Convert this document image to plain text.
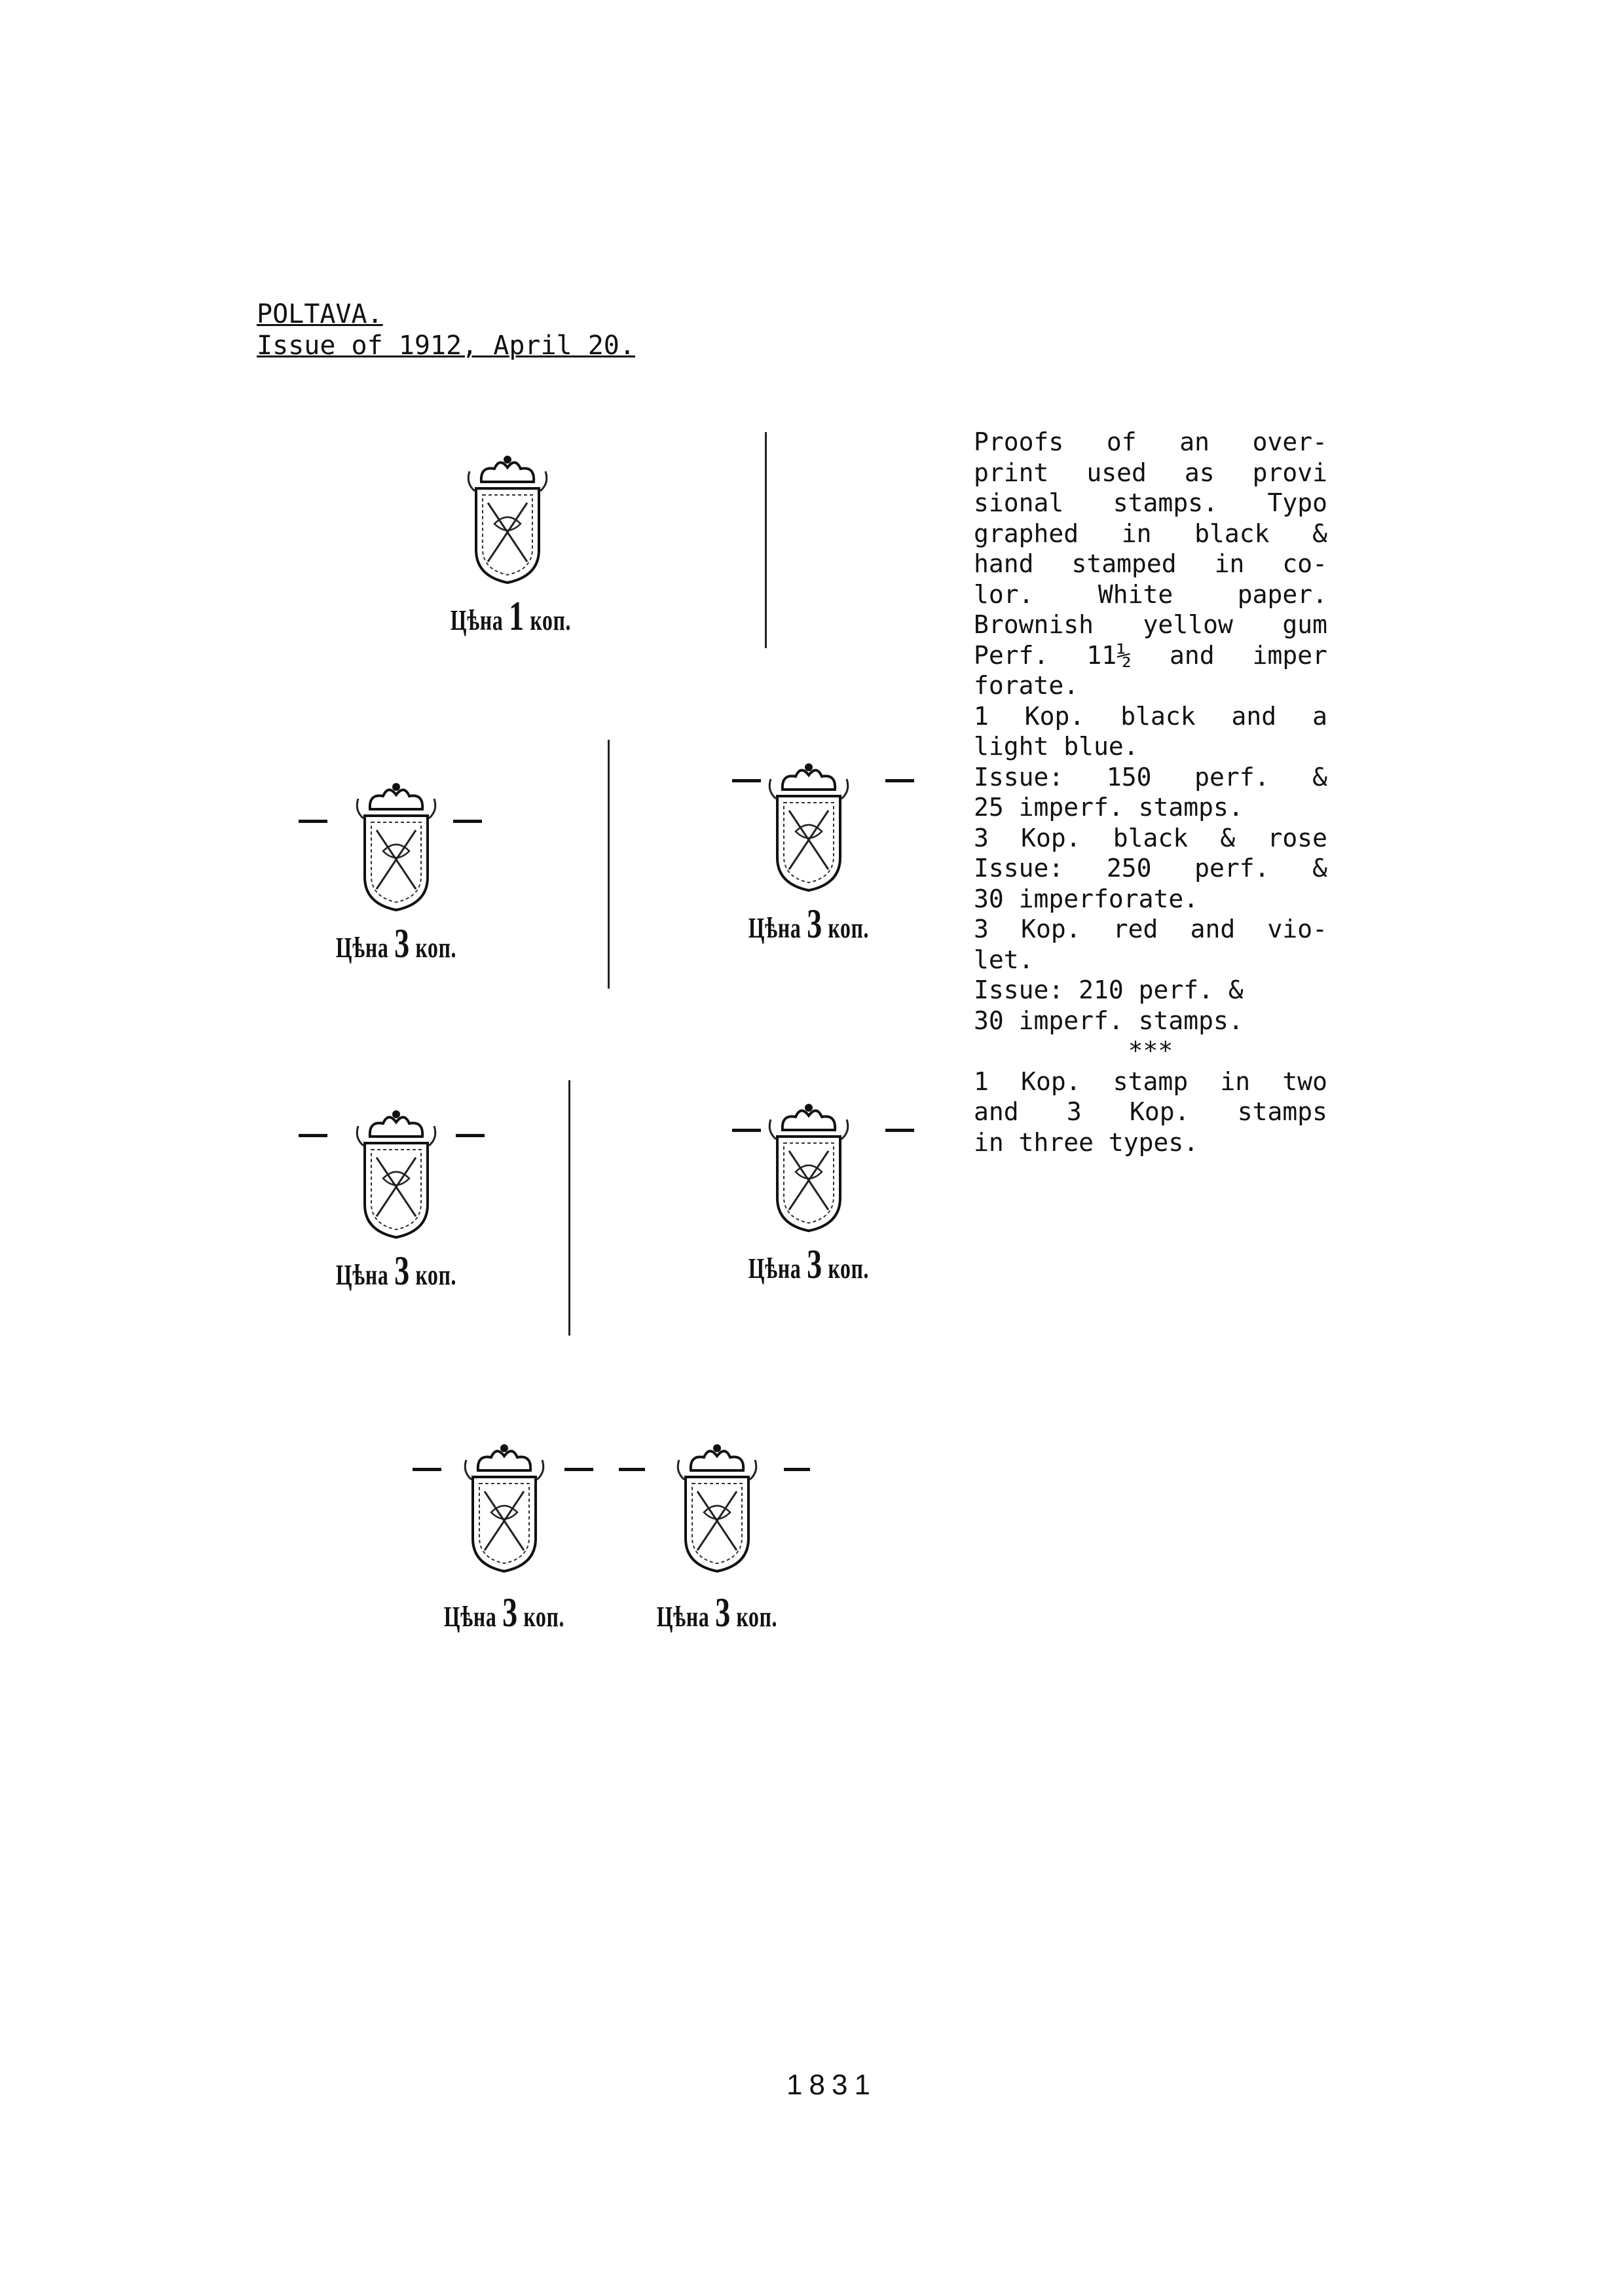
POLTAVA.
Issue of 1912, April 20.
Proofs of an over-
print used as provi
sional stamps. Typo
graphed in black &
hand stamped in co-
lor. White paper.
Brownish yellow gum
Perf. 11½ and imper
forate.
1 Kop. black and a
light blue.
Issue: 150 perf. &
25 imperf. stamps.
3 Kop. black & rose
Issue: 250 perf. &
30 imperforate.
3 Kop. red and vio-
let.
Issue: 210 perf. &
30 imperf. stamps.
***
1 Kop. stamp in two
and 3 Kop. stamps
in three types.
Цѣна 1 коп.
Цѣна 3 коп.
Цѣна 3 коп.
Цѣна 3 коп.	Цѣна 3 коп.
Цѣна 3 коп.	Цѣна 3 коп.
1831
